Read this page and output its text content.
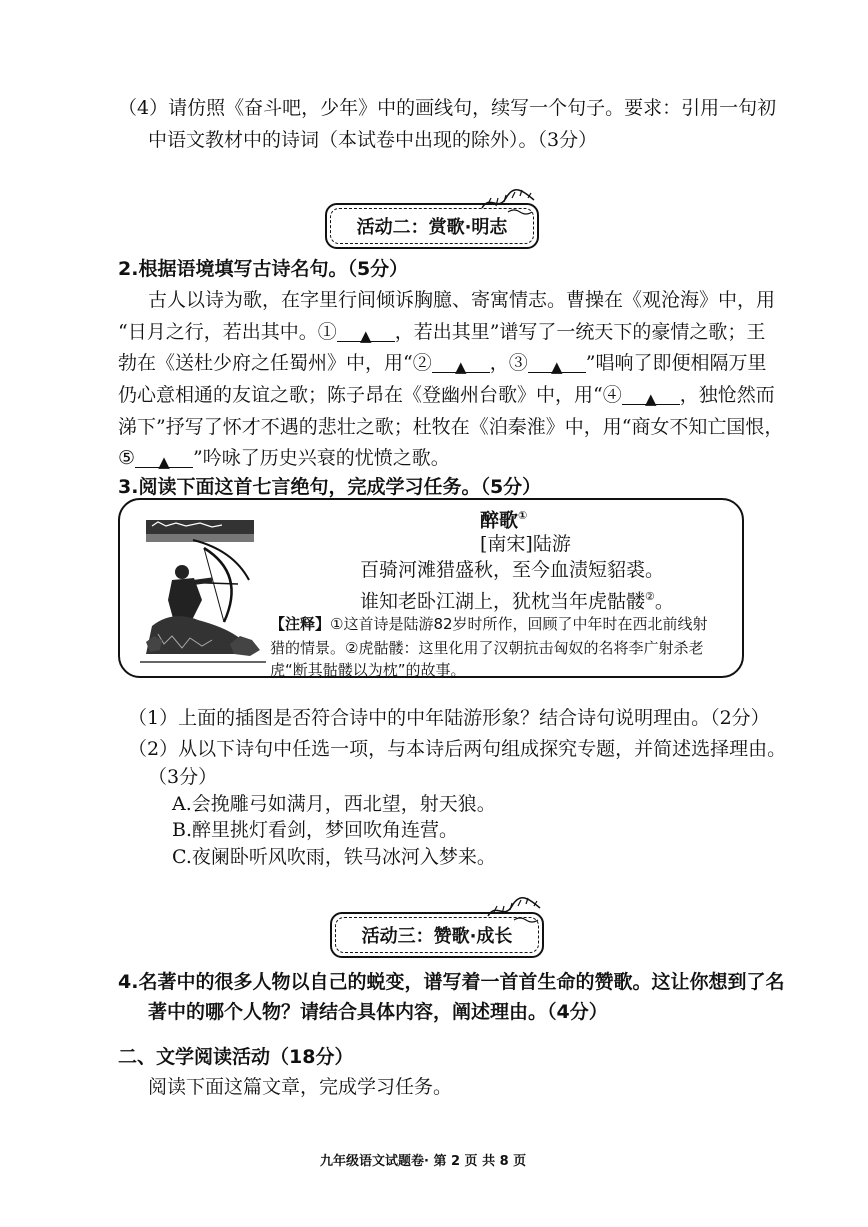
（4）请仿照《奋斗吧，少年》中的画线句，续写一个句子。要求：引用一句初
中语文教材中的诗词（本试卷中出现的除外）。（3分）
活动二：赏歌·明志
2.根据语境填写古诗名句。（5分）
古人以诗为歌，在字里行间倾诉胸臆、寄寓情志。曹操在《观沧海》中，用
“日月之行，若出其中。① ▲ ，若出其里”谱写了一统天下的豪情之歌；王
勃在《送杜少府之任蜀州》中，用“② ▲ ，③ ▲ ”唱响了即便相隔万里
仍心意相通的友谊之歌；陈子昂在《登幽州台歌》中，用“④ ▲ ，独怆然而
涕下”抒写了怀才不遇的悲壮之歌；杜牧在《泊秦淮》中，用“商女不知亡国恨，
⑤ ▲ ”吟咏了历史兴衰的忧愤之歌。
3.阅读下面这首七言绝句，完成学习任务。（5分）
醉歌①
[南宋]陆游
百骑河滩猎盛秋，至今血渍短貂裘。
谁知老卧江湖上，犹枕当年虎骷髅②。
【注释】①这首诗是陆游82岁时所作，回顾了中年时在西北前线射
猎的情景。②虎骷髅：这里化用了汉朝抗击匈奴的名将李广射杀老
虎“断其骷髅以为枕”的故事。
（1）上面的插图是否符合诗中的中年陆游形象？结合诗句说明理由。（2分）
（2）从以下诗句中任选一项，与本诗后两句组成探究专题，并简述选择理由。
（3分）
A.会挽雕弓如满月，西北望，射天狼。
B.醉里挑灯看剑，梦回吹角连营。
C.夜阑卧听风吹雨，铁马冰河入梦来。
活动三：赞歌·成长
4.名著中的很多人物以自己的蜕变，谱写着一首首生命的赞歌。这让你想到了名
著中的哪个人物？请结合具体内容，阐述理由。（4分）
二、文学阅读活动（18分）
阅读下面这篇文章，完成学习任务。
九年级语文试题卷· 第 2 页 共 8 页
